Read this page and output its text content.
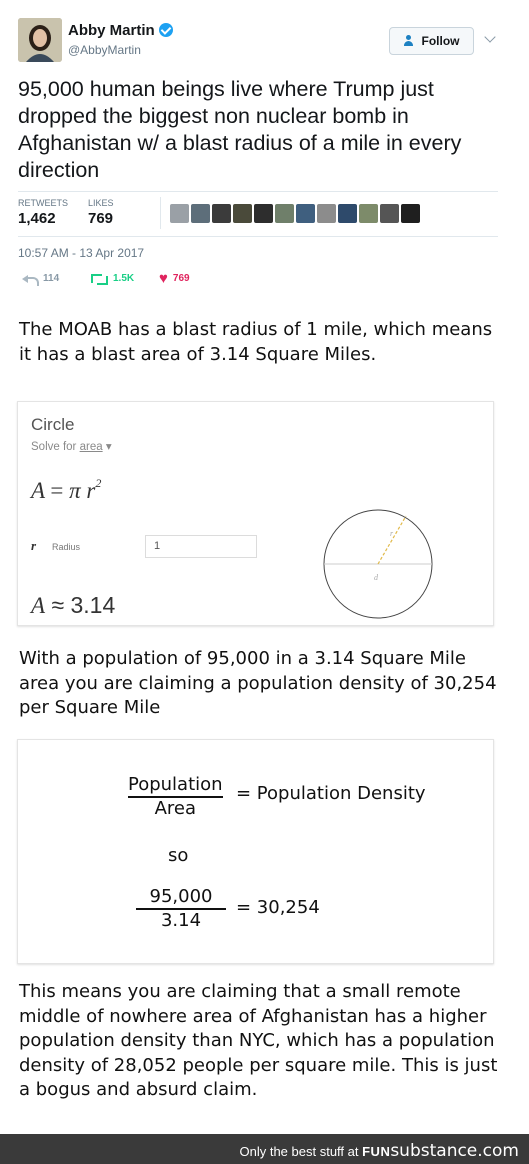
Abby Martin
@AbbyMartin
Follow
95,000 human beings live where Trump just dropped the biggest non nuclear bomb in Afghanistan w/ a blast radius of a mile in every direction
RETWEETS
1,462
LIKES
769
10:57 AM - 13 Apr 2017
114	1.5K ♥ 769
The MOAB has a blast radius of 1 mile, which means it has a blast area of 3.14 Square Miles.
Circle
Solve for area ▾
A = π $r^2$
r Radius	1
A ≈ 3.14
r
d
With a population of 95,000 in a 3.14 Square Mile area you are claiming a population density of 30,254 per Square Mile
Population
Area
= Population Density
so
95,000
3.14
= 30,254
This means you are claiming that a small remote middle of nowhere area of Afghanistan has a higher population density than NYC, which has a population density of 28,052 people per square mile. This is just a bogus and absurd claim.
Only the best stuff at FUNsubstance.com
